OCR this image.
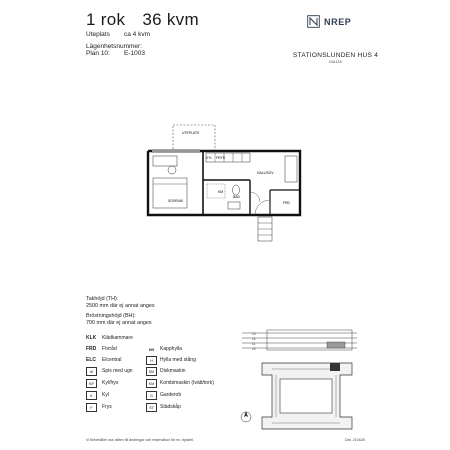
1 rok 36 kvm
Uteplats ca 4 kvm
Lägenhetsnummer:
Plan 10: E-1003
NREP
STATIONSLUNDEN HUS 4
KALLTA
UTEPLATS
SOVRUM
HALL/SOV
BAD
FRD
KM
KYL FRYS
Takhöjd (TH):
2500 mm där ej annat anges
Bröstningshöjd (BH):
700 mm där ej annat anges
KLK Klädkammare
FRD Förråd
ELC Elcentral
⊞	Spis med ugn
K/F	Kyl/frys
K	Kyl
F	Frys
HH	Kapphylla
H	Hylla med stång
DM	Diskmaskin
KM	Kombimaskin (tvätt/tork)
G	Garderob
ST	Städskåp
13
12
11
10
Vi förbehåller oss rätten till ändringar och reservation för ev. tryckfel.	Dat. 210428
